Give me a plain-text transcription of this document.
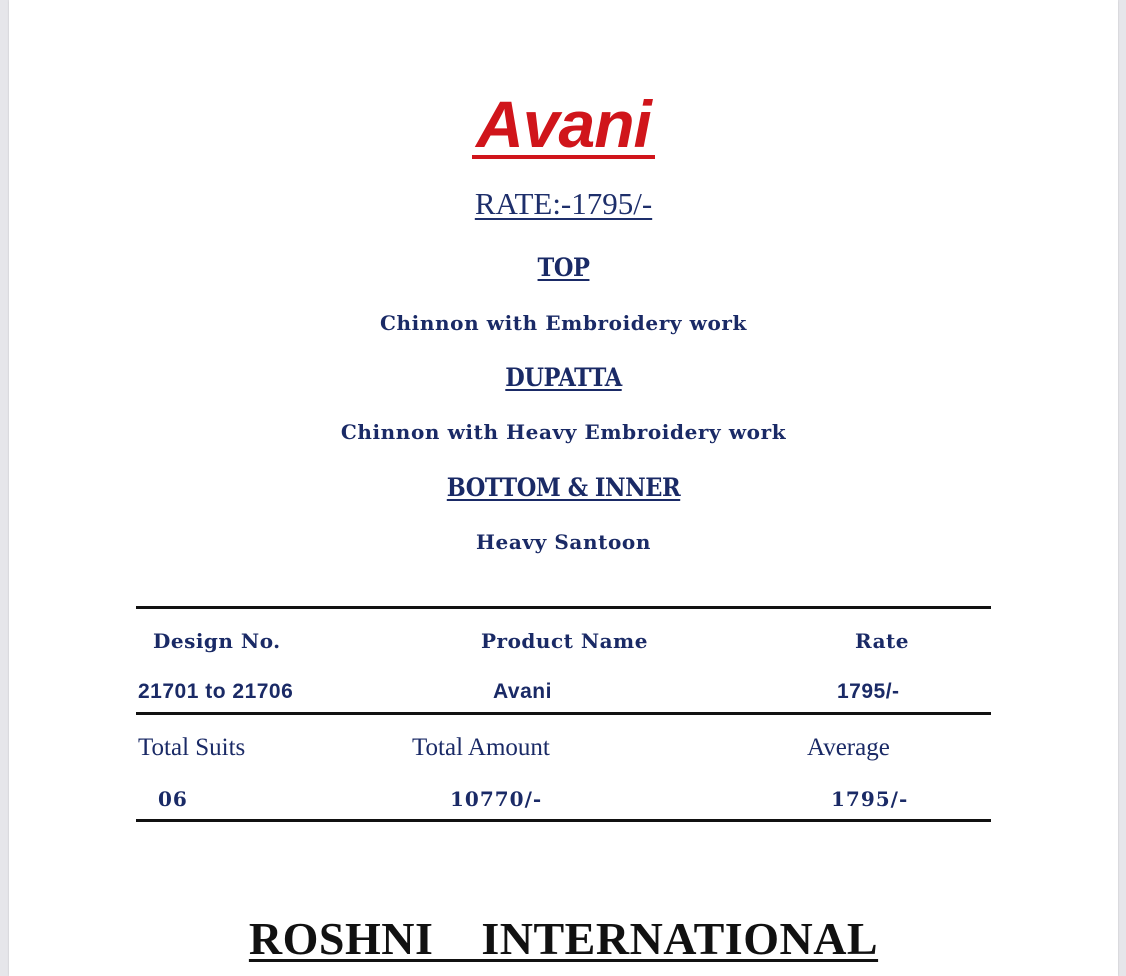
Avani
RATE:-1795/-
TOP
Chinnon with Embroidery work
DUPATTA
Chinnon with Heavy Embroidery work
BOTTOM & INNER
Heavy Santoon
Design No.	Product Name	Rate
21701 to 21706	Avani	1795/-
Total Suits	Total Amount	Average
06	10770/-	1795/-
ROSHNI  INTERNATIONAL
